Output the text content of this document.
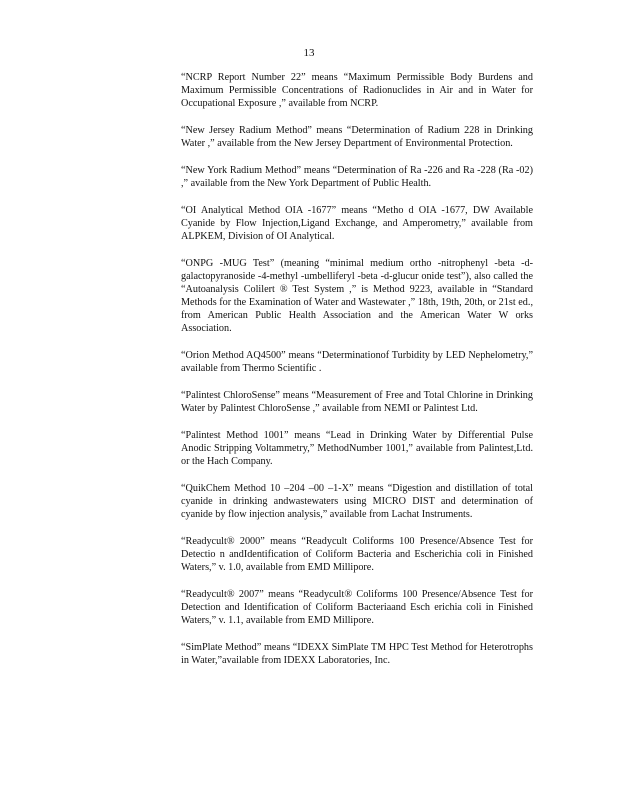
13

“NCRP Report Number 22” means “Maximum Permissible Body Burdens and Maximum Permissible Concentrations of Radionuclides in Air and in Water for Occupational Exposure ,” available from NCRP.

“New Jersey Radium Method” means “Determination of Radium 228 in Drinking Water ,” available from the New Jersey Department of Environmental Protection.

“New York Radium Method” means “Determination of Ra -226 and Ra -228 (Ra -02) ,” available from the New York Department of Public Health.

“OI Analytical Method OIA -1677” means “Metho d OIA -1677, DW Available Cyanide by Flow Injection,Ligand Exchange, and Amperometry,” available from ALPKEM, Division of OI Analytical.

“ONPG -MUG Test” (meaning “minimal medium ortho -nitrophenyl -beta -d-galactopyranoside -4-methyl -umbelliferyl -beta -d-glucur onide test”), also called the “Autoanalysis Colilert ® Test System ,” is Method 9223, available in “Standard Methods for the Examination of Water and Wastewater ,” 18th, 19th, 20th, or 21st ed., from American Public Health Association and the American Water W orks Association.

“Orion Method AQ4500” means “Determinationof Turbidity by LED Nephelometry,” available from Thermo Scientific .

“Palintest ChloroSense” means “Measurement of Free and Total Chlorine in Drinking Water by Palintest ChloroSense ,” available from NEMI or Palintest Ltd.

“Palintest Method 1001” means “Lead in Drinking Water by Differential Pulse Anodic Stripping Voltammetry,” MethodNumber 1001,” available from Palintest,Ltd. or the Hach Company.

“QuikChem Method 10 –204 –00 –1-X” means “Digestion and distillation of total cyanide in drinking andwastewaters using MICRO DIST and determination of cyanide by flow injection analysis,” available from Lachat Instruments.

“Readycult® 2000” means “Readycult Coliforms 100 Presence/Absence Test for Detectio n andIdentification of Coliform Bacteria and Escherichia coli in Finished Waters,” v. 1.0, available from EMD Millipore.

“Readycult® 2007” means “Readycult® Coliforms 100 Presence/Absence Test for Detection and Identification of Coliform Bacteriaand Esch erichia coli in Finished Waters,” v. 1.1, available from EMD Millipore.

“SimPlate Method” means “IDEXX SimPlate TM HPC Test Method for Heterotrophs in Water,”available from IDEXX Laboratories, Inc.
